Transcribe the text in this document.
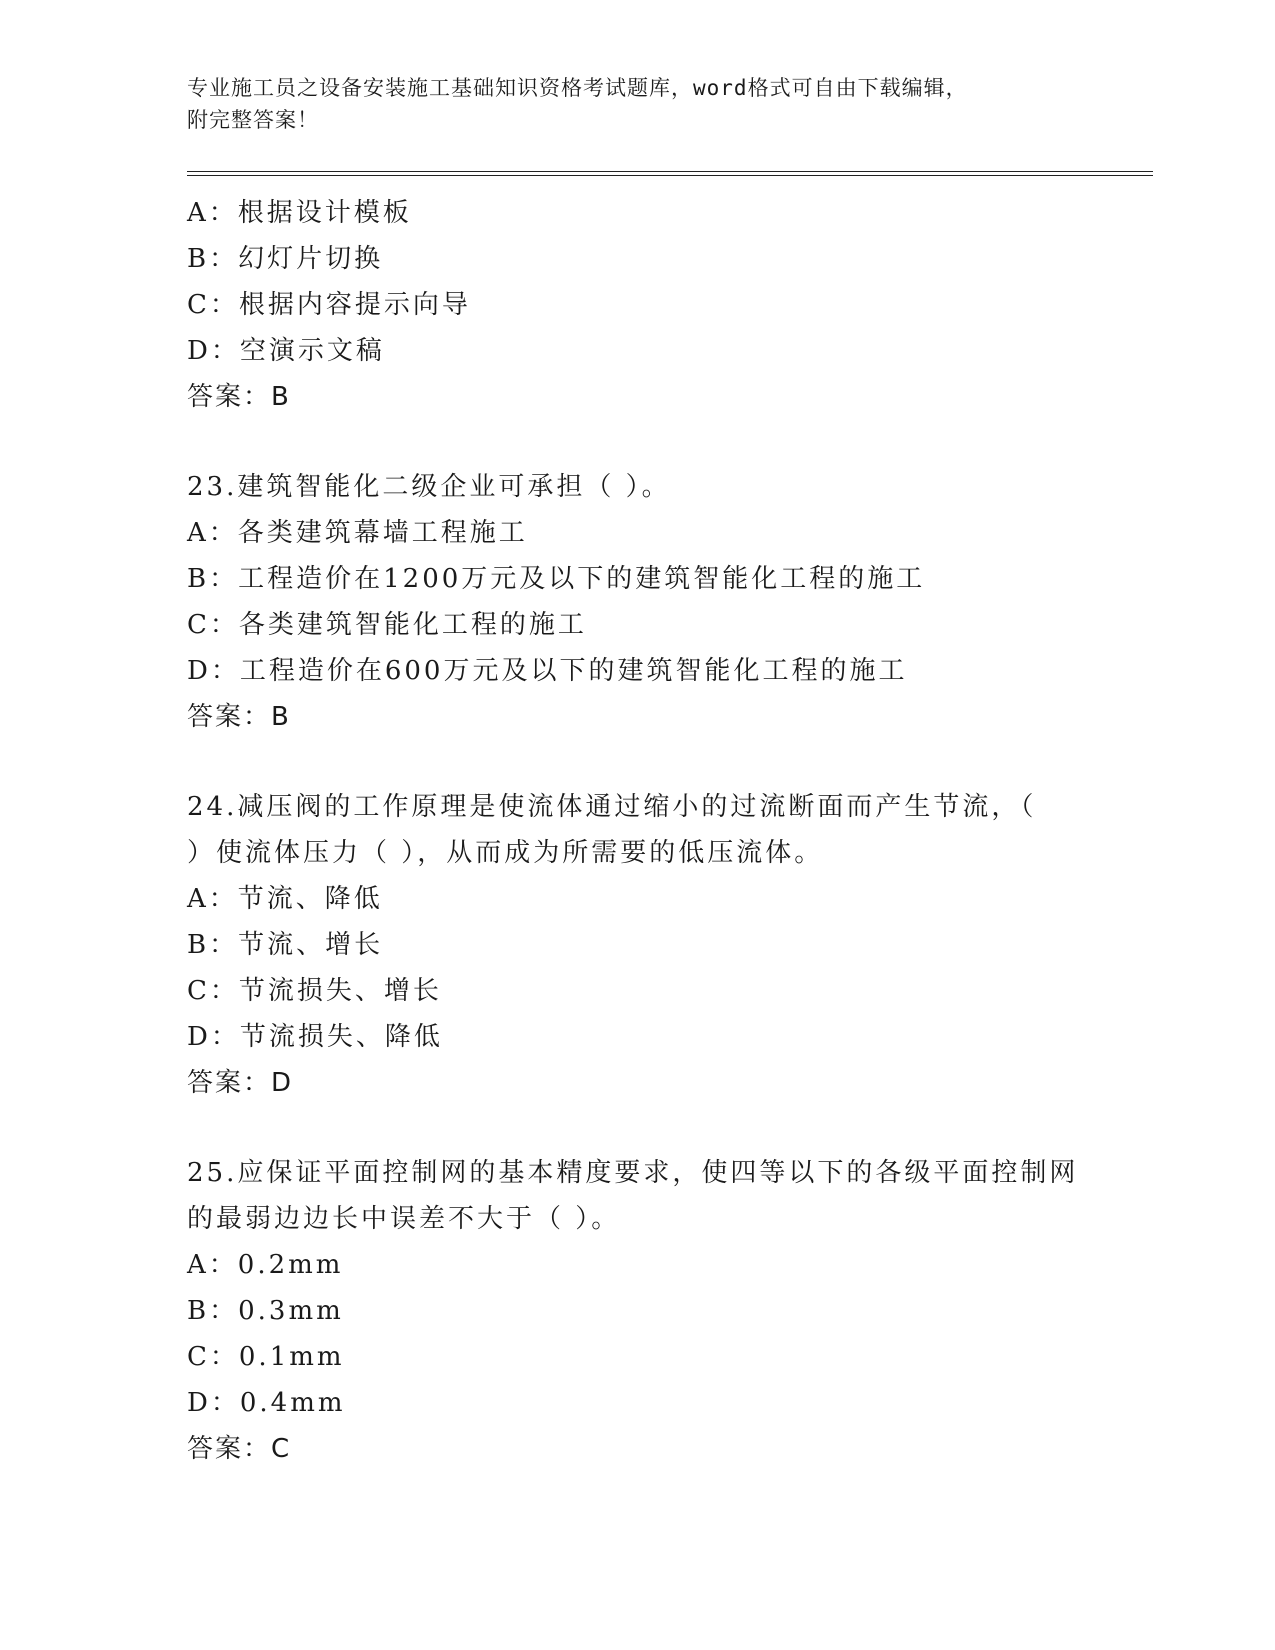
专业施工员之设备安装施工基础知识资格考试题库，word格式可自由下载编辑，
附完整答案！
A：根据设计模板
B：幻灯片切换
C：根据内容提示向导
D：空演示文稿
答案：B
23.建筑智能化二级企业可承担（ ）。
A：各类建筑幕墙工程施工
B：工程造价在1200万元及以下的建筑智能化工程的施工
C：各类建筑智能化工程的施工
D：工程造价在600万元及以下的建筑智能化工程的施工
答案：B
24.减压阀的工作原理是使流体通过缩小的过流断面而产生节流，（
）使流体压力（ ），从而成为所需要的低压流体。
A：节流、降低
B：节流、增长
C：节流损失、增长
D：节流损失、降低
答案：D
25.应保证平面控制网的基本精度要求，使四等以下的各级平面控制网
的最弱边边长中误差不大于（ ）。
A：0.2mm
B：0.3mm
C：0.1mm
D：0.4mm
答案：C
